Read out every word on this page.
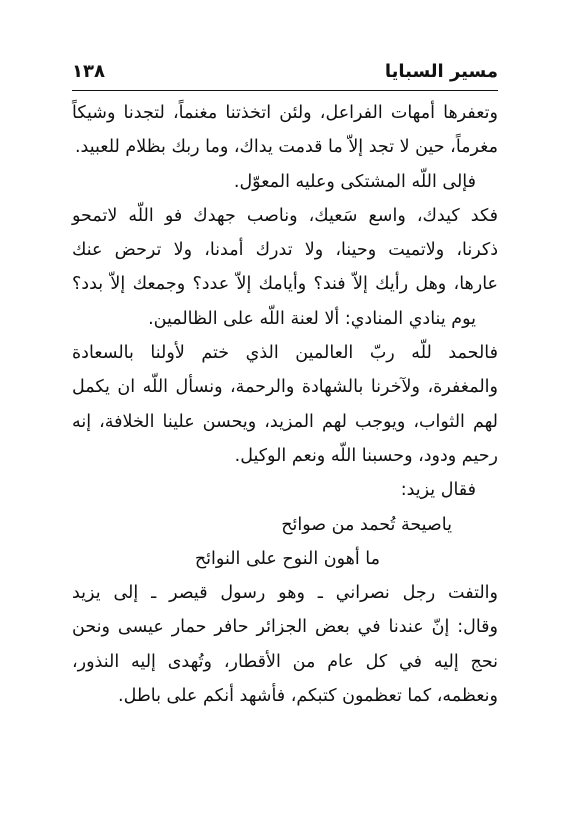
مسير السبايا
١٣٨
وتعفرها أمهات الفراعل، ولئن اتخذتنا مغنماً، لتجدنا وشيكاً
مغرماً، حين لا تجد إلاّ ما قدمت يداك، وما ربك بظلام للعبيد.
فإلى اللّه المشتكى وعليه المعوّل.
فكد كيدك، واسع سَعيك، وناصب جهدك فو اللّه لاتمحو
ذكرنا، ولاتميت وحينا، ولا تدرك أمدنا، ولا ترحض عنك
عارها، وهل رأيك إلاّ فند؟ وأيامك إلاّ عدد؟ وجمعك إلاّ بدد؟
يوم ينادي المنادي: ألا لعنة اللّه على الظالمين.
فالحمد للّه ربّ العالمين الذي ختم لأولنا بالسعادة
والمغفرة، ولآخرنا بالشهادة والرحمة، ونسأل اللّه ان يكمل
لهم الثواب، ويوجب لهم المزيد، ويحسن علينا الخلافة، إنه
رحيم ودود، وحسبنا اللّه ونعم الوكيل.
فقال يزيد:
ياصيحة تُحمد من صوائح
ما أهون النوح على النوائح
والتفت رجل نصراني ـ وهو رسول قيصر ـ إلى يزيد
وقال: إنّ عندنا في بعض الجزائر حافر حمار عيسى ونحن
نحج إليه في كل عام من الأقطار، وتُهدى إليه النذور،
ونعظمه، كما تعظمون كتبكم، فأشهد أنكم على باطل.
